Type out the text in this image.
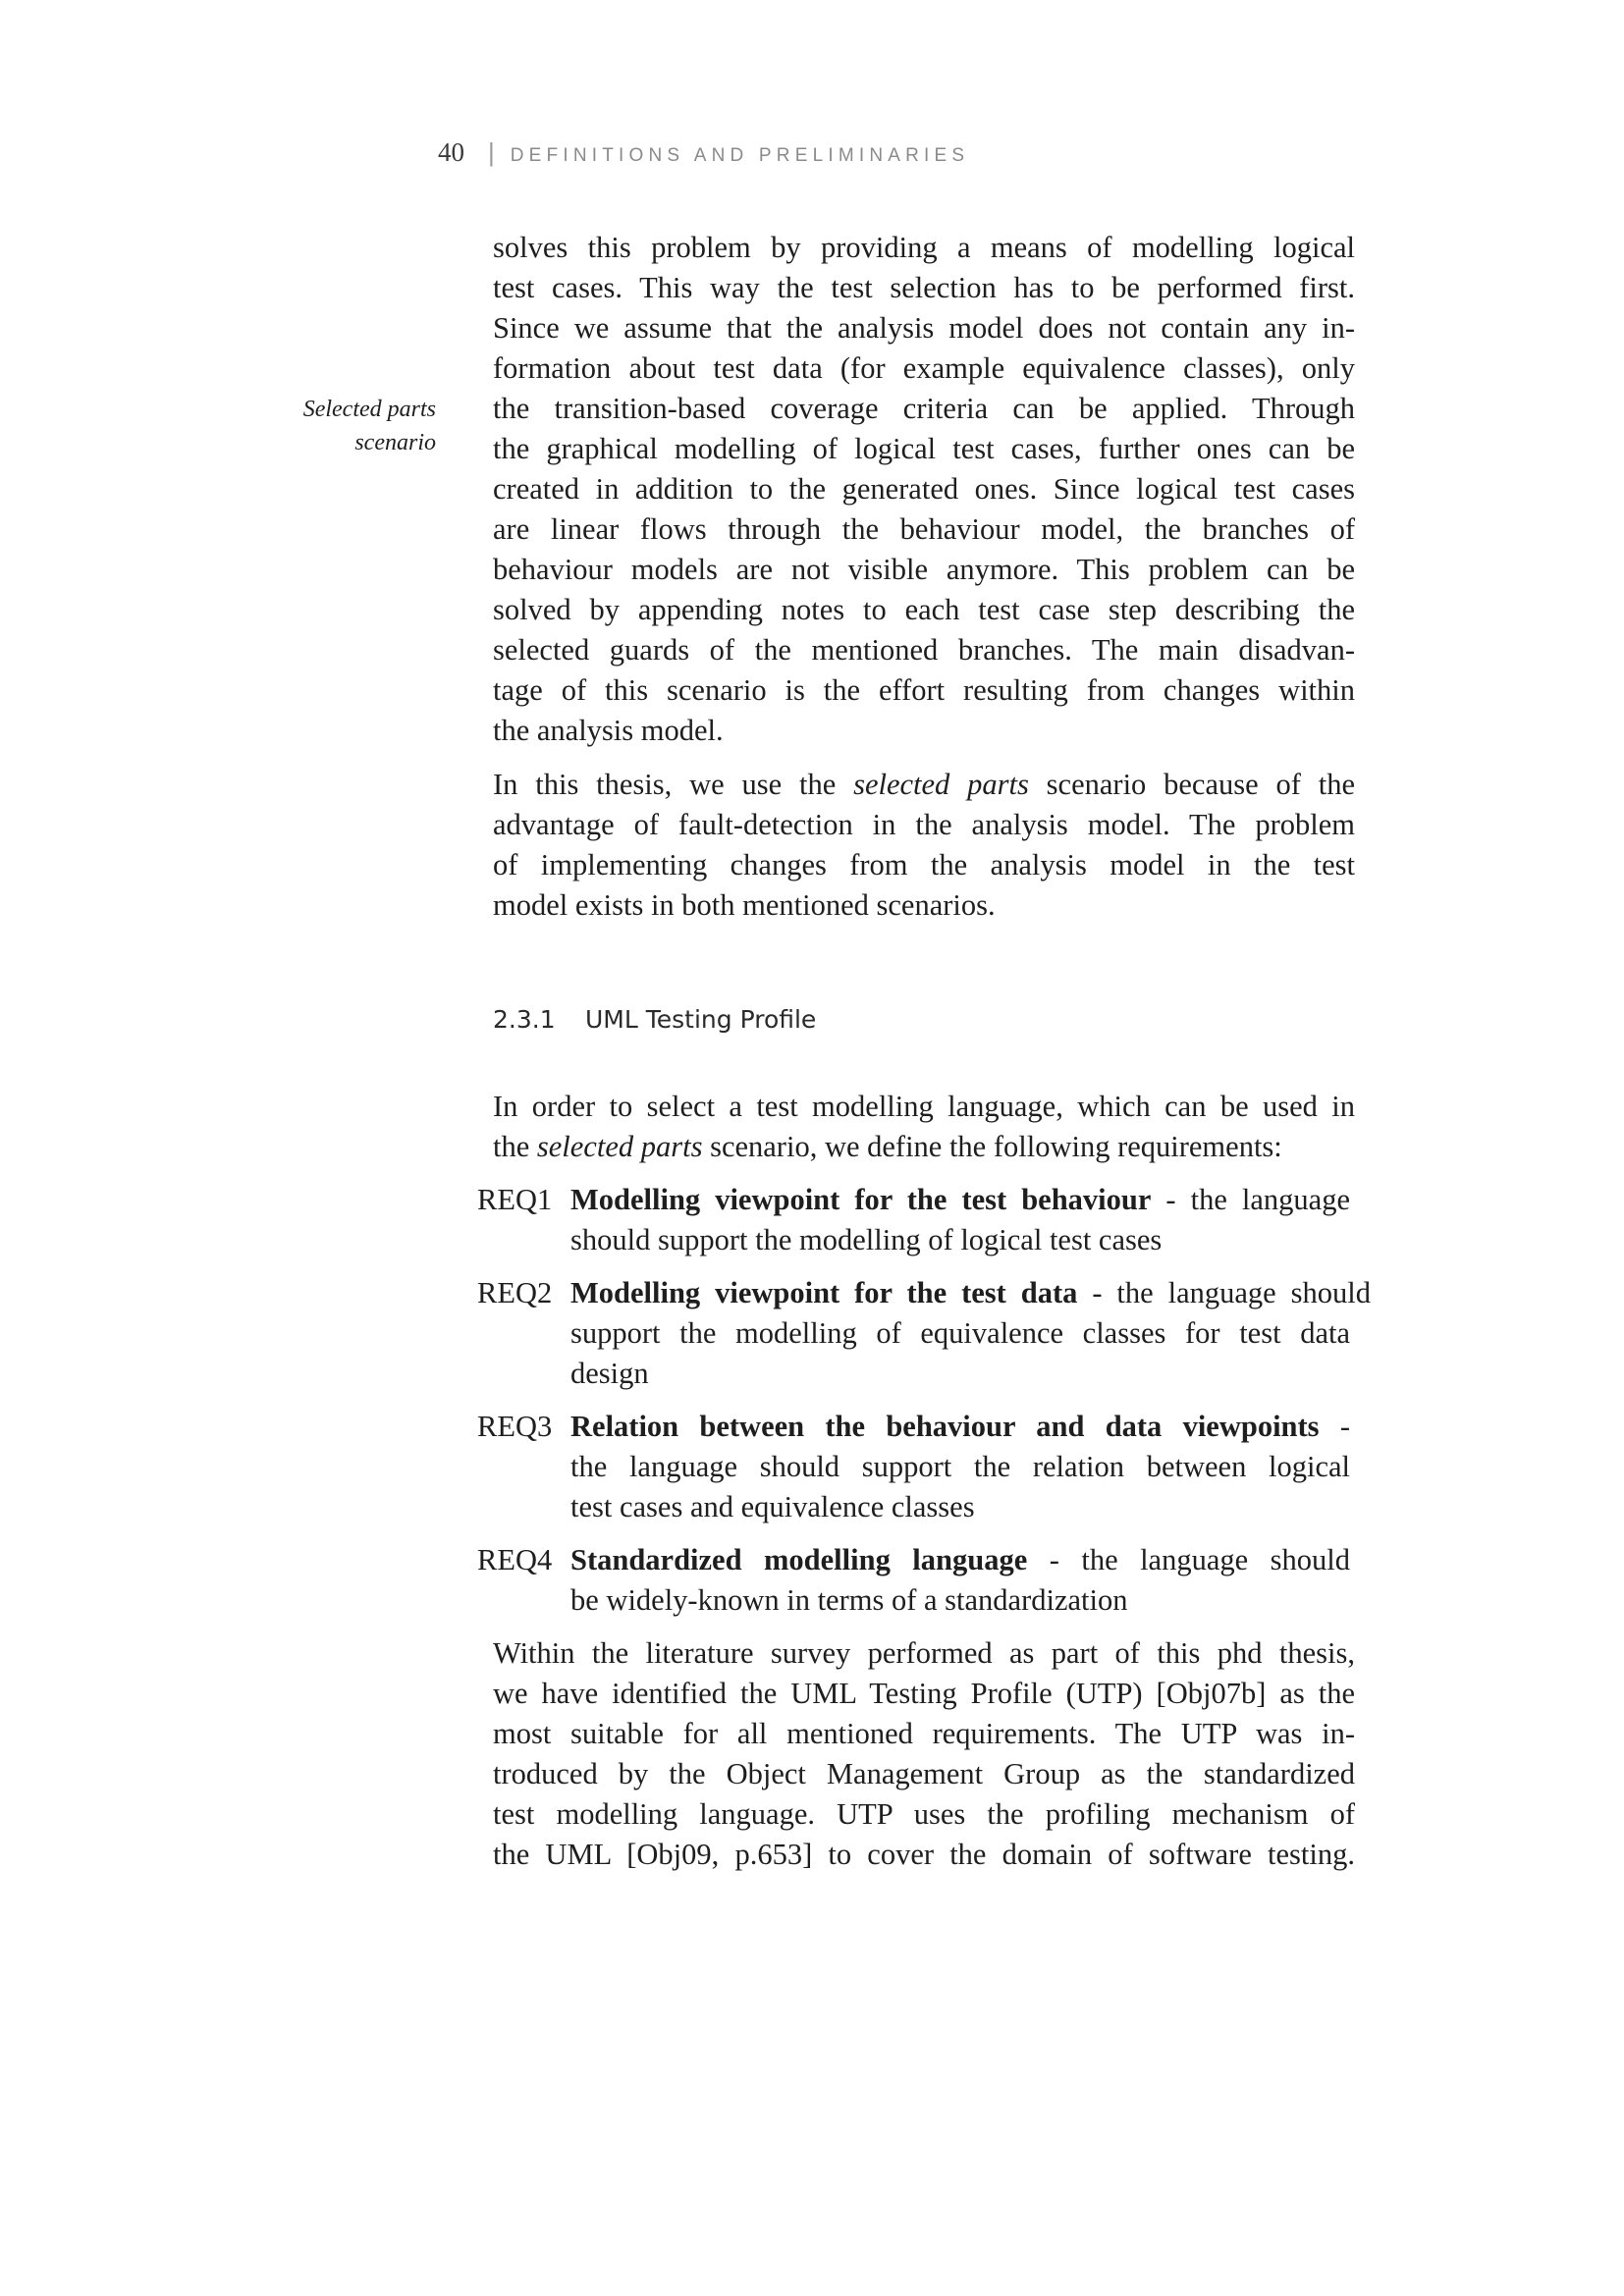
40 | DEFINITIONS AND PRELIMINARIES
Selected parts
scenario
solves this problem by providing a means of modelling logical
test cases. This way the test selection has to be performed first.
Since we assume that the analysis model does not contain any in-
formation about test data (for example equivalence classes), only
the transition-based coverage criteria can be applied. Through
the graphical modelling of logical test cases, further ones can be
created in addition to the generated ones. Since logical test cases
are linear flows through the behaviour model, the branches of
behaviour models are not visible anymore. This problem can be
solved by appending notes to each test case step describing the
selected guards of the mentioned branches. The main disadvan-
tage of this scenario is the effort resulting from changes within
the analysis model.
In this thesis, we use the selected parts scenario because of the
advantage of fault-detection in the analysis model. The problem
of implementing changes from the analysis model in the test
model exists in both mentioned scenarios.
2.3.1 UML Testing Profile
In order to select a test modelling language, which can be used in
the selected parts scenario, we define the following requirements:
REQ1 Modelling viewpoint for the test behaviour - the language
should support the modelling of logical test cases
REQ2 Modelling viewpoint for the test data - the language should
support the modelling of equivalence classes for test data
design
REQ3 Relation between the behaviour and data viewpoints -
the language should support the relation between logical
test cases and equivalence classes
REQ4 Standardized modelling language - the language should
be widely-known in terms of a standardization
Within the literature survey performed as part of this phd thesis,
we have identified the UML Testing Profile (UTP) [Obj07b] as the
most suitable for all mentioned requirements. The UTP was in-
troduced by the Object Management Group as the standardized
test modelling language. UTP uses the profiling mechanism of
the UML [Obj09, p.653] to cover the domain of software testing.
